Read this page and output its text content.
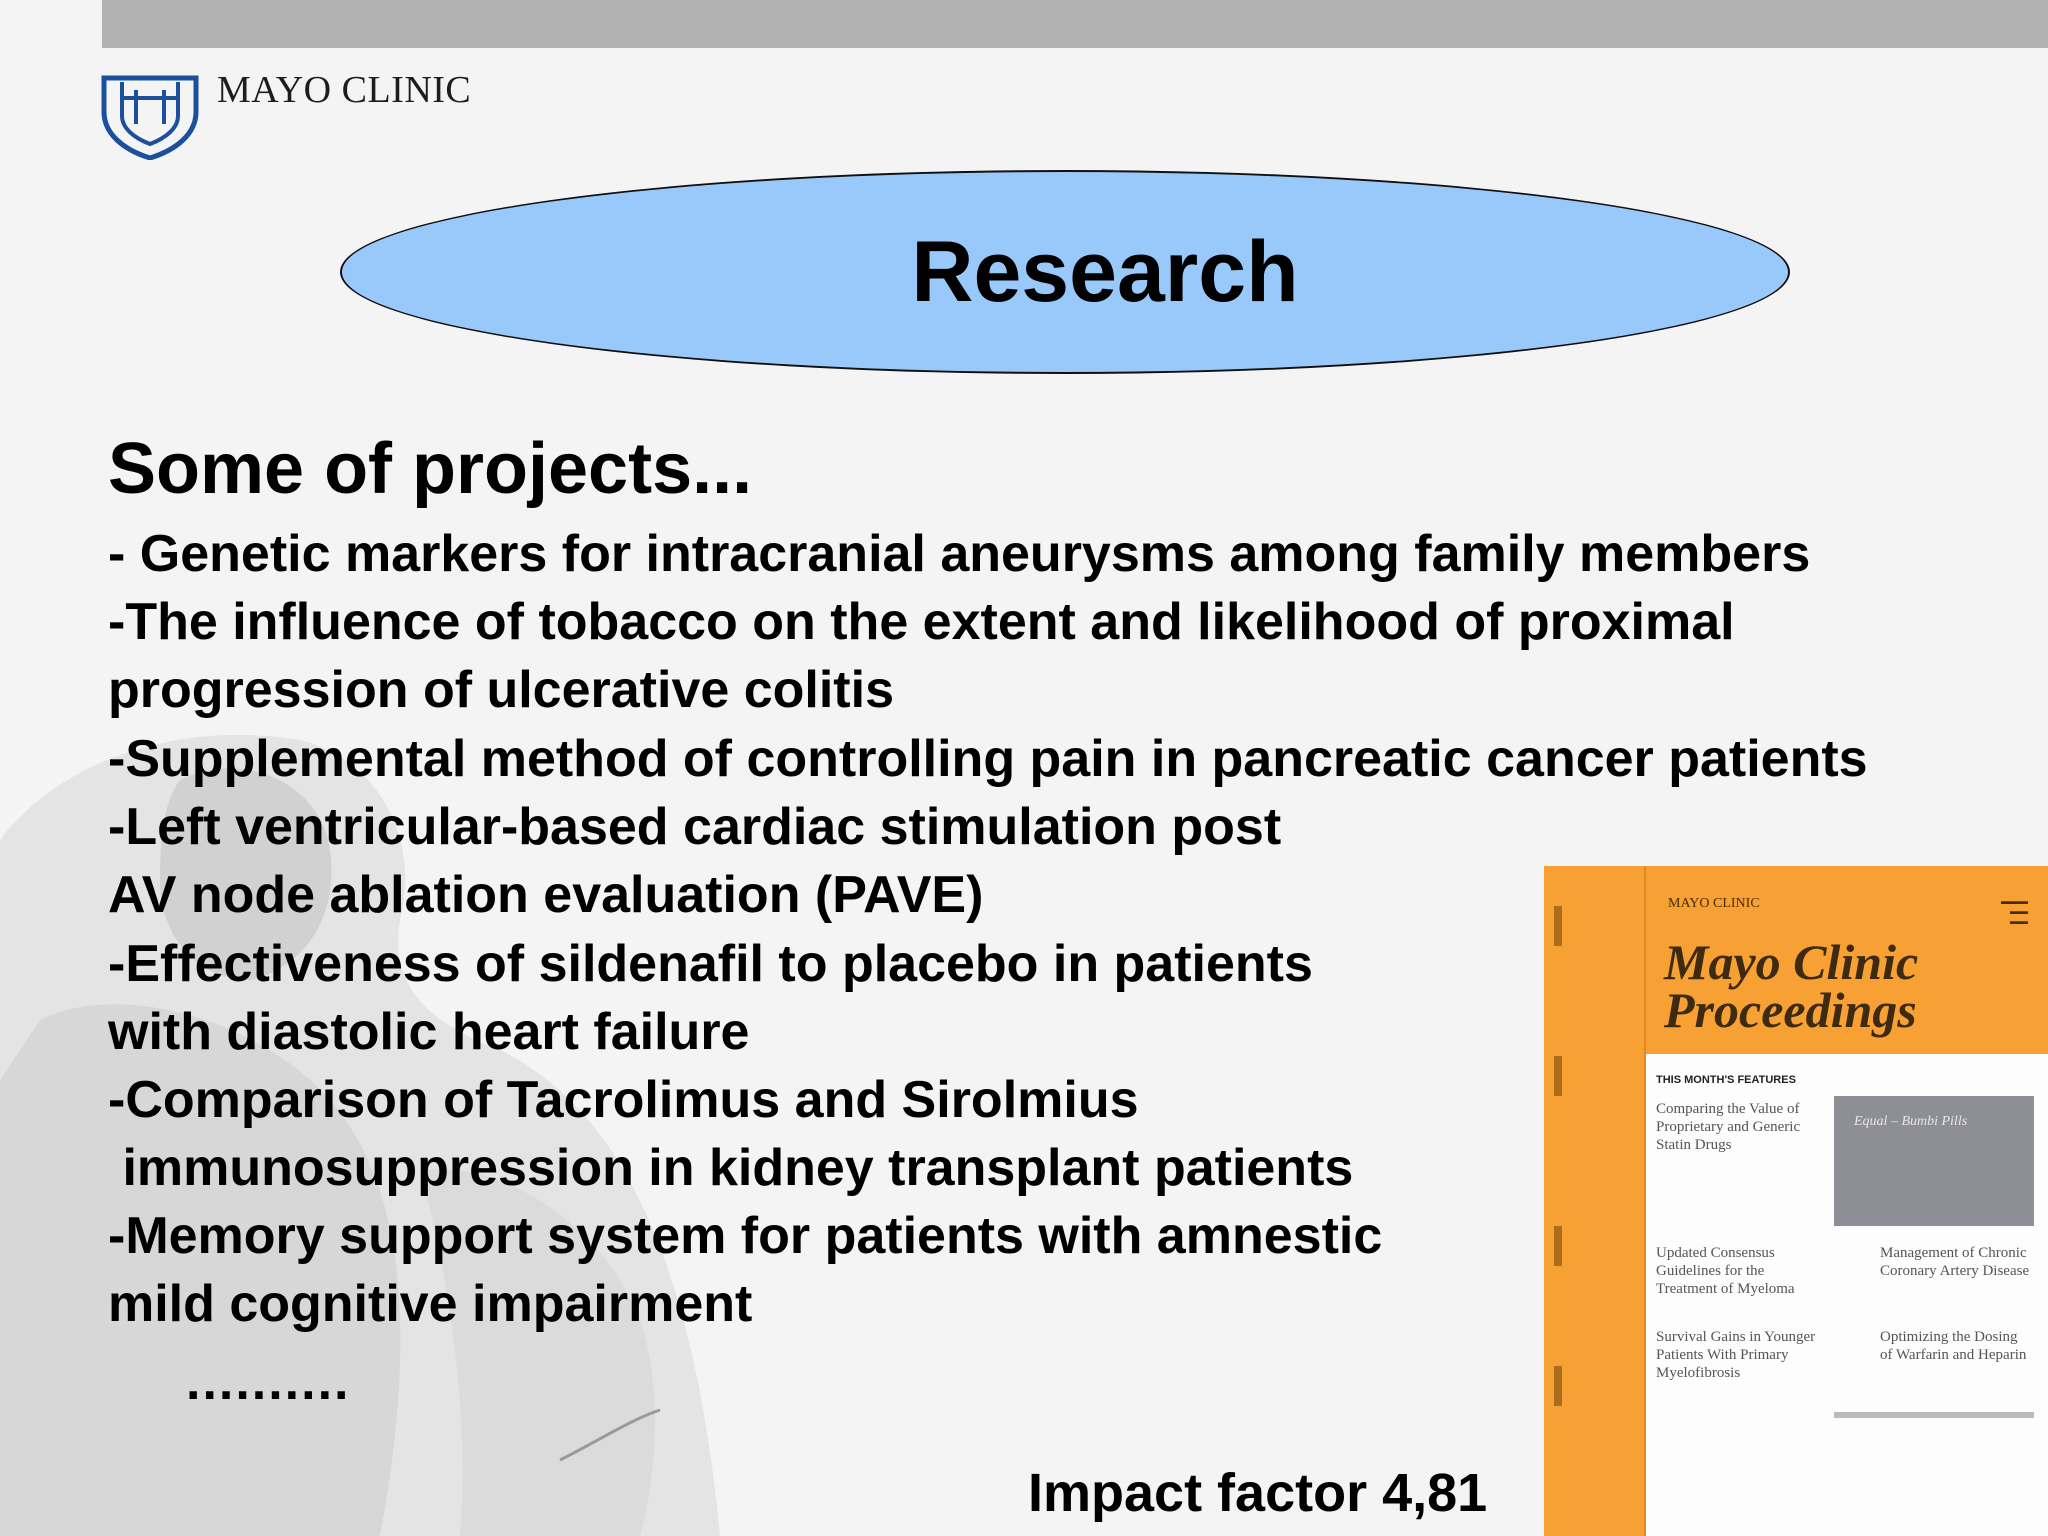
MAYO CLINIC
Research
Some of projects...
- Genetic markers for intracranial aneurysms among family members
-The influence of tobacco on the extent and likelihood of proximal
progression of ulcerative colitis
-Supplemental method of controlling pain in pancreatic cancer patients
-Left ventricular-based cardiac stimulation post
AV node ablation evaluation (PAVE)
-Effectiveness of sildenafil to placebo in patients
with diastolic heart failure
-Comparison of Tacrolimus and Sirolmius
immunosuppression in kidney transplant patients
-Memory support system for patients with amnestic
mild cognitive impairment
..........
Impact factor 4,81
MAYO CLINIC	▬▬▬
▬▬
▬▬
Mayo Clinic
Proceedings
THIS MONTH'S FEATURES
Comparing the Value of Proprietary and Generic Statin Drugs
Equal – Bumbi Pills
Updated Consensus Guidelines for the Treatment of Myeloma
Management of Chronic Coronary Artery Disease
Survival Gains in Younger Patients With Primary Myelofibrosis
Optimizing the Dosing of Warfarin and Heparin
